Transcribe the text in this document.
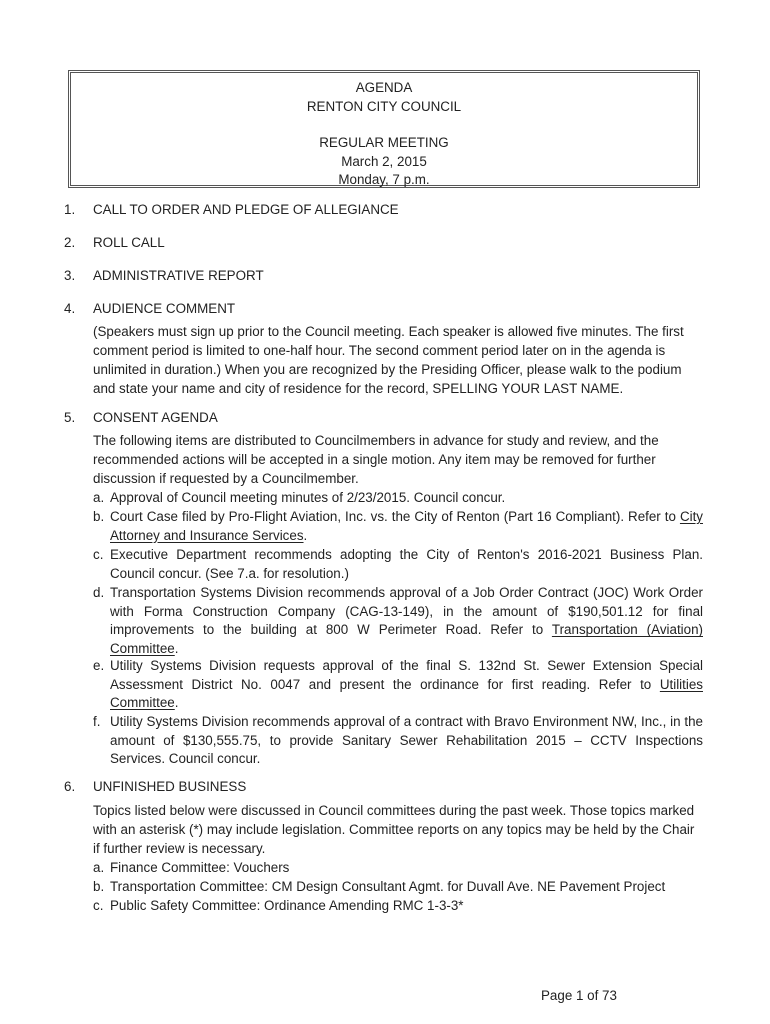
AGENDA
RENTON CITY COUNCIL
REGULAR MEETING
March 2, 2015
Monday, 7 p.m.
1. CALL TO ORDER AND PLEDGE OF ALLEGIANCE
2. ROLL CALL
3. ADMINISTRATIVE REPORT
4. AUDIENCE COMMENT
(Speakers must sign up prior to the Council meeting. Each speaker is allowed five minutes. The first comment period is limited to one-half hour. The second comment period later on in the agenda is unlimited in duration.) When you are recognized by the Presiding Officer, please walk to the podium and state your name and city of residence for the record, SPELLING YOUR LAST NAME.
5. CONSENT AGENDA
The following items are distributed to Councilmembers in advance for study and review, and the recommended actions will be accepted in a single motion. Any item may be removed for further discussion if requested by a Councilmember.
a. Approval of Council meeting minutes of 2/23/2015. Council concur.
b. Court Case filed by Pro-Flight Aviation, Inc. vs. the City of Renton (Part 16 Compliant). Refer to City Attorney and Insurance Services.
c. Executive Department recommends adopting the City of Renton's 2016-2021 Business Plan. Council concur. (See 7.a. for resolution.)
d. Transportation Systems Division recommends approval of a Job Order Contract (JOC) Work Order with Forma Construction Company (CAG-13-149), in the amount of $190,501.12 for final improvements to the building at 800 W Perimeter Road. Refer to Transportation (Aviation) Committee.
e. Utility Systems Division requests approval of the final S. 132nd St. Sewer Extension Special Assessment District No. 0047 and present the ordinance for first reading. Refer to Utilities Committee.
f. Utility Systems Division recommends approval of a contract with Bravo Environment NW, Inc., in the amount of $130,555.75, to provide Sanitary Sewer Rehabilitation 2015 – CCTV Inspections Services. Council concur.
6. UNFINISHED BUSINESS
Topics listed below were discussed in Council committees during the past week. Those topics marked with an asterisk (*) may include legislation. Committee reports on any topics may be held by the Chair if further review is necessary.
a. Finance Committee: Vouchers
b. Transportation Committee: CM Design Consultant Agmt. for Duvall Ave. NE Pavement Project
c. Public Safety Committee: Ordinance Amending RMC 1-3-3*
Page 1 of 73
